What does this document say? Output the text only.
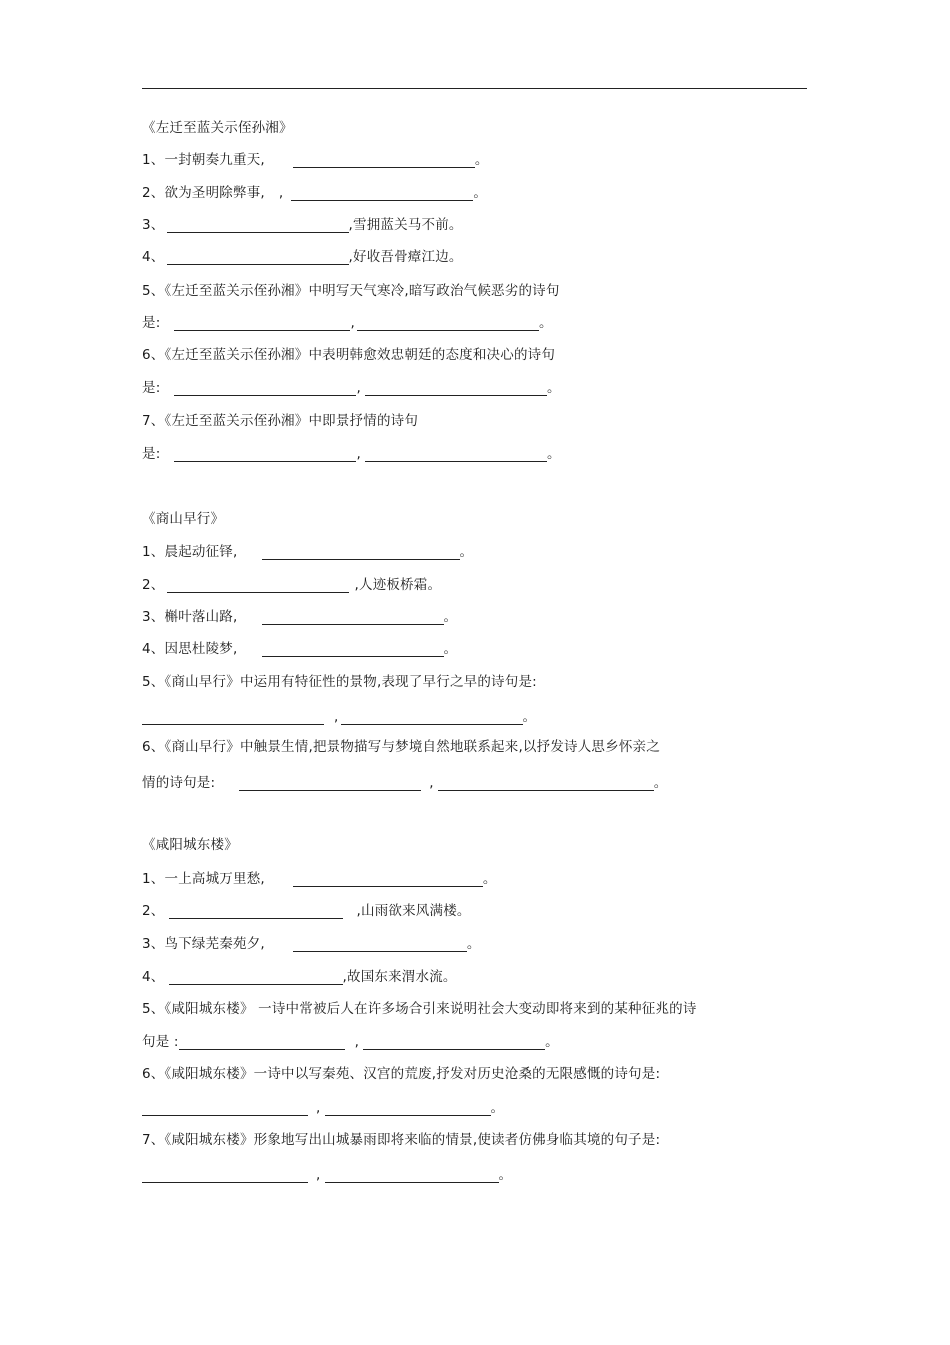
《左迁至蓝关示侄孙湘》
1、一封朝奏九重天,	。
2、欲为圣明除弊事, ,	。
3、	,雪拥蓝关马不前。
4、	,好收吾骨瘴江边。
5、《左迁至蓝关示侄孙湘》中明写天气寒冷,暗写政治气候恶劣的诗句
是:	,	。
6、《左迁至蓝关示侄孙湘》中表明韩愈效忠朝廷的态度和决心的诗句
是:	,	。
7、《左迁至蓝关示侄孙湘》中即景抒情的诗句
是:	,	。
《商山早行》
1、晨起动征铎,	。
2、	,人迹板桥霜。
3、槲叶落山路,	。
4、因思杜陵梦,	。
5、《商山早行》中运用有特征性的景物,表现了早行之早的诗句是:
,	。
6、《商山早行》中触景生情,把景物描写与梦境自然地联系起来,以抒发诗人思乡怀亲之
情的诗句是:	,	。
《咸阳城东楼》
1、一上高城万里愁,	。
2、	,山雨欲来风满楼。
3、鸟下绿芜秦苑夕,	。
4、	,故国东来渭水流。
5、《咸阳城东楼》 一诗中常被后人在许多场合引来说明社会大变动即将来到的某种征兆的诗
句是 :	,	。
6、《咸阳城东楼》一诗中以写秦苑、汉宫的荒废,抒发对历史沧桑的无限感慨的诗句是:
,	。
7、《咸阳城东楼》形象地写出山城暴雨即将来临的情景,使读者仿佛身临其境的句子是:
,	。
